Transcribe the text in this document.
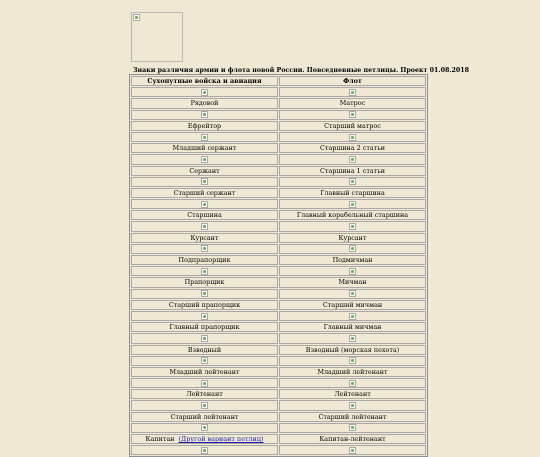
Знаки различия армии и флота новой России. Повседневные петлицы. Проект 01.08.2018
Сухопутные войска и авиация	Флот

Рядовой	Матрос

Ефрейтор	Старший матрос

Младший сержант	Старшина 2 статьи

Сержант	Старшина 1 статьи

Старший сержант	Главный старшина

Старшина	Главный корабельный старшина

Курсант	Курсант

Подпрапорщик	Подмичман

Прапорщик	Мичман

Старший прапорщик	Старший мичман

Главный прапорщик	Главный мичман

Взводный	Взводный (морская пехота)

Младший лейтенант	Младший лейтенант

Лейтенант	Лейтенант

Старший лейтенант	Старший лейтенант

Капитан (Другой вариант петлиц)	Капитан-лейтенант
